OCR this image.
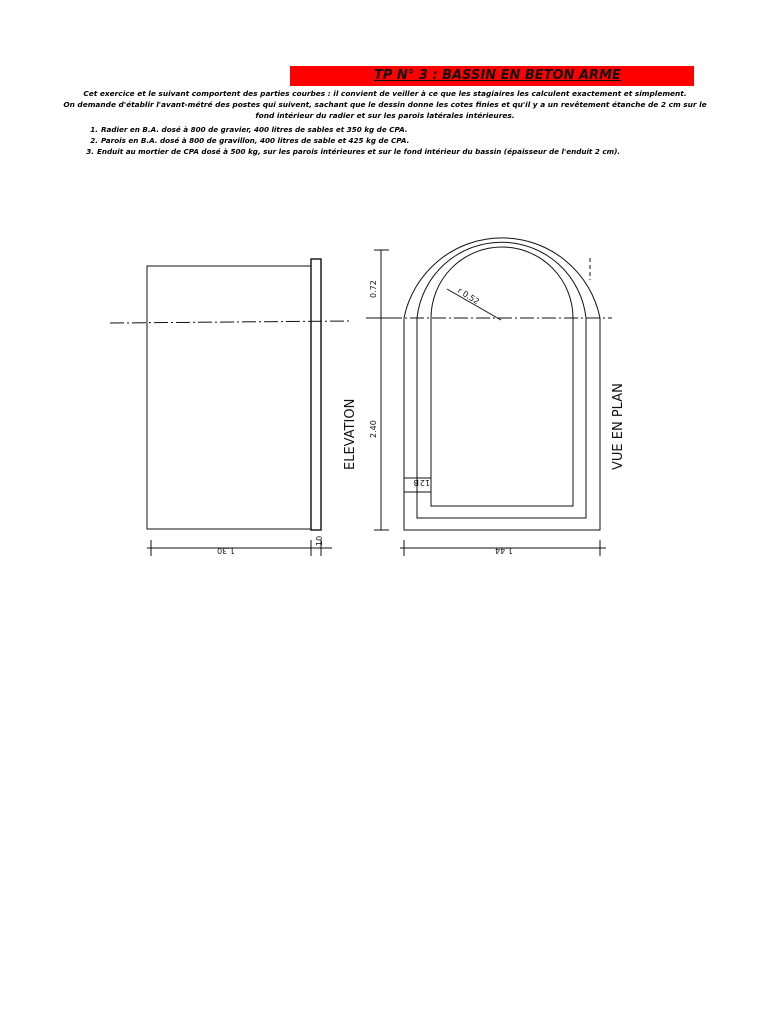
TP N° 3 : BASSIN EN BETON ARME

Cet exercice et le suivant comportent des parties courbes : il convient de veiller à ce que les stagiaires les calculent exactement et simplement.

On demande d'établir l'avant-métré des postes qui suivent, sachant que le dessin donne les cotes finies et qu'il y a un revêtement étanche de 2 cm sur le

fond intérieur du radier et sur les parois latérales intérieures.

1. Radier en B.A. dosé à 800 de gravier, 400 litres de sables et 350 kg de CPA.
2. Parois en B.A. dosé à 800 de gravillon, 400 litres de sable et 425 kg de CPA.
3. Enduit au mortier de CPA dosé à 500 kg, sur les parois intérieures et sur le fond intérieur du bassin (épaisseur de l'enduit 2 cm).
ELEVATION	VUE EN PLAN
1.30
10
1.44
0.72
2.40
r 0.52
12
B
